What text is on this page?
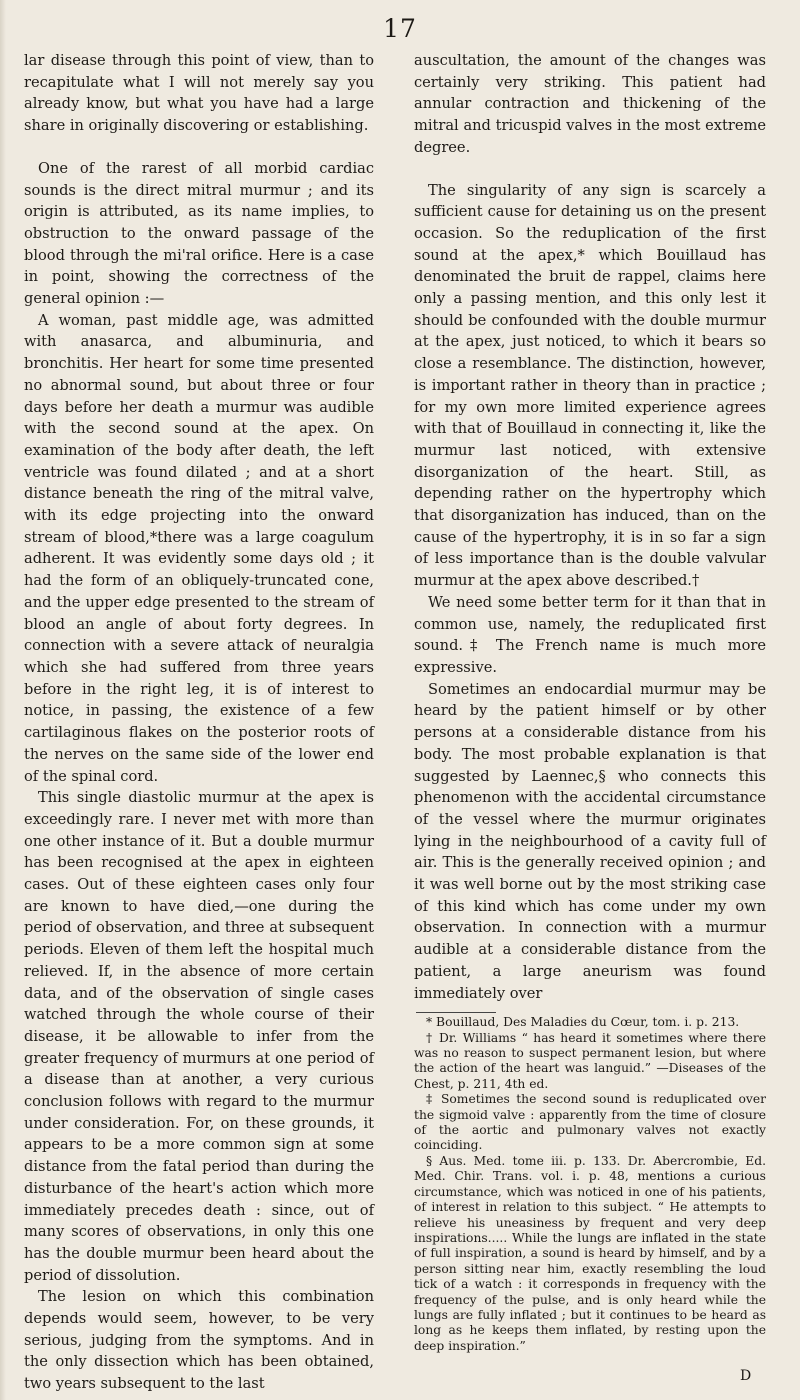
17

lar disease through this point of view, than to recapitulate what I will not merely say you already know, but what you have had a large share in originally discovering or establishing.

One of the rarest of all morbid cardiac sounds is the direct mitral murmur ; and its origin is attributed, as its name implies, to obstruction to the onward passage of the blood through the mi'ral orifice. Here is a case in point, showing the correctness of the general opinion :—

A woman, past middle age, was admitted with anasarca, and albuminuria, and bronchitis. Her heart for some time presented no abnormal sound, but about three or four days before her death a murmur was audible with the second sound at the apex. On examination of the body after death, the left ventricle was found dilated ; and at a short distance beneath the ring of the mitral valve, with its edge projecting into the onward stream of blood,*there was a large coagulum adherent. It was evidently some days old ; it had the form of an obliquely-truncated cone, and the upper edge presented to the stream of blood an angle of about forty degrees. In connection with a severe attack of neuralgia which she had suffered from three years before in the right leg, it is of interest to notice, in passing, the existence of a few cartilaginous flakes on the posterior roots of the nerves on the same side of the lower end of the spinal cord.

This single diastolic murmur at the apex is exceedingly rare. I never met with more than one other instance of it. But a double murmur has been recognised at the apex in eighteen cases. Out of these eighteen cases only four are known to have died,—one during the period of observation, and three at subsequent periods. Eleven of them left the hospital much relieved. If, in the absence of more certain data, and of the observation of single cases watched through the whole course of their disease, it be allowable to infer from the greater frequency of murmurs at one period of a disease than at another, a very curious conclusion follows with regard to the murmur under consideration. For, on these grounds, it appears to be a more common sign at some distance from the fatal period than during the disturbance of the heart's action which more immediately precedes death : since, out of many scores of observations, in only this one has the double murmur been heard about the period of dissolution.

The lesion on which this combination depends would seem, however, to be very serious, judging from the symptoms. And in the only dissection which has been obtained, two years subsequent to the last

auscultation, the amount of the changes was certainly very striking. This patient had annular contraction and thickening of the mitral and tricuspid valves in the most extreme degree.

The singularity of any sign is scarcely a sufficient cause for detaining us on the present occasion. So the reduplication of the first sound at the apex,* which Bouillaud has denominated the bruit de rappel, claims here only a passing mention, and this only lest it should be confounded with the double murmur at the apex, just noticed, to which it bears so close a resemblance. The distinction, however, is important rather in theory than in practice ; for my own more limited experience agrees with that of Bouillaud in connecting it, like the murmur last noticed, with extensive disorganization of the heart. Still, as depending rather on the hypertrophy which that disorganization has induced, than on the cause of the hypertrophy, it is in so far a sign of less importance than is the double valvular murmur at the apex above described.†

We need some better term for it than that in common use, namely, the reduplicated first sound.‡ The French name is much more expressive.

Sometimes an endocardial murmur may be heard by the patient himself or by other persons at a considerable distance from his body. The most probable explanation is that suggested by Laennec,§ who connects this phenomenon with the accidental circumstance of the vessel where the murmur originates lying in the neighbourhood of a cavity full of air. This is the generally received opinion ; and it was well borne out by the most striking case of this kind which has come under my own observation. In connection with a murmur audible at a considerable distance from the patient, a large aneurism was found immediately over

* Bouillaud, Des Maladies du Cœur, tom. i. p. 213.

† Dr. Williams “ has heard it sometimes where there was no reason to suspect permanent lesion, but where the action of the heart was languid.” —Diseases of the Chest, p. 211, 4th ed.

‡ Sometimes the second sound is reduplicated over the sigmoid valve : apparently from the time of closure of the aortic and pulmonary valves not exactly coinciding.

§ Aus. Med. tome iii. p. 133. Dr. Abercrombie, Ed. Med. Chir. Trans. vol. i. p. 48, mentions a curious circumstance, which was noticed in one of his patients, of interest in relation to this subject. “ He attempts to relieve his uneasiness by frequent and very deep inspirations..... While the lungs are inflated in the state of full inspiration, a sound is heard by himself, and by a person sitting near him, exactly resembling the loud tick of a watch : it corresponds in frequency with the frequency of the pulse, and is only heard while the lungs are fully inflated ; but it continues to be heard as long as he keeps them inflated, by resting upon the deep inspiration.”

D
